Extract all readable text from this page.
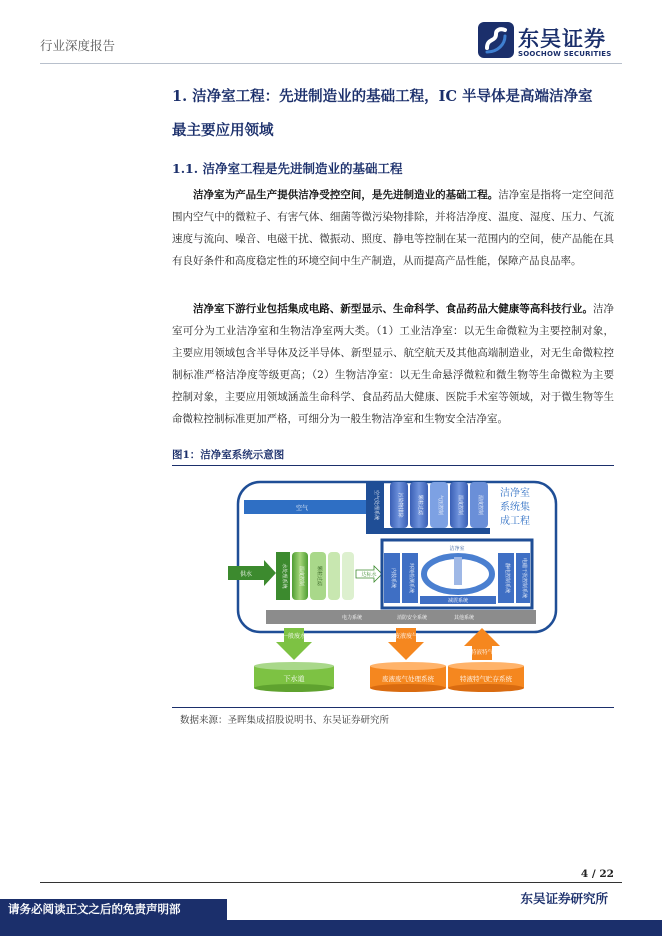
行业深度报告	东吴证券
SOOCHOW SECURITIES
1. 洁净室工程：先进制造业的基础工程，IC 半导体是高端洁净室
最主要应用领域
1.1. 洁净室工程是先进制造业的基础工程

洁净室为产品生产提供洁净受控空间，是先进制造业的基础工程。洁净室是指将一定空间范围内空气中的微粒子、有害气体、细菌等微污染物排除，并将洁净度、温度、湿度、压力、气流速度与流向、噪音、电磁干扰、微振动、照度、静电等控制在某一范围内的空间，使产品能在具有良好条件和高度稳定性的环境空间中生产制造，从而提高产品性能，保障产品良品率。

洁净室下游行业包括集成电路、新型显示、生命科学、食品药品大健康等高科技行业。洁净室可分为工业洁净室和生物洁净室两大类。（1）工业洁净室：以无生命微粒为主要控制对象，主要应用领域包含半导体及泛半导体、新型显示、航空航天及其他高端制造业，对无生命微粒控制标准严格洁净度等级更高；（2）生物洁净室：以无生命悬浮微粒和微生物等生命微粒为主要控制对象，主要应用领域涵盖生命科学、食品药品大健康、医院手术室等领域，对于微生物等生命微粒控制标准更加严格，可细分为一般生物洁净室和生物安全洁净室。

图1：洁净室系统示意图
空气	空气处理系统	污染物排除	颗粒过滤	气压控制	温度控制	湿度控制
洁净室
系统集
成工程
供水	水处理系统 温度控制 颗粒过滤	达标水
洁净室
内装系统 环境检测系统	静电控制系统 电磁干扰控制系统
减震系统
电力系统	消防安全系统	其他系统
一般废水	废液废气
特液特气
下水道	废液废气处理系统	特液特气贮存系统
数据来源：圣晖集成招股说明书、东吴证券研究所
4 / 22
东吴证券研究所
请务必阅读正文之后的免责声明部
